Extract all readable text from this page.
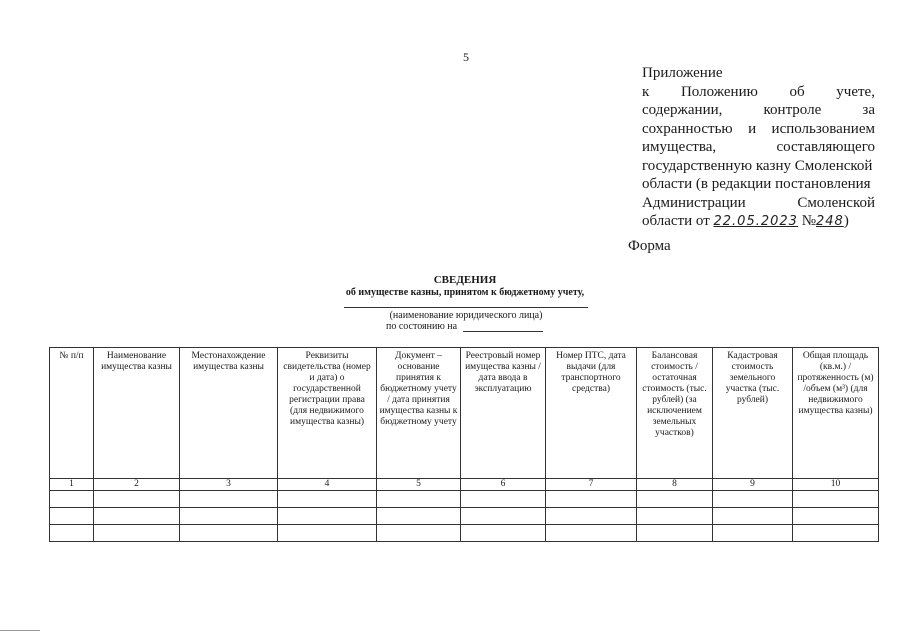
5
Приложение
к Положению об учете,
содержании,	контроле	за
сохранностью и использованием
имущества,	составляющего
государственную казну Смоленской
области (в редакции постановления
Администрации	Смоленской
области от 22.05.2023 №248)
Форма
СВЕДЕНИЯ
об имуществе казны, принятом к бюджетному учету,
(наименование юридического лица)
по состоянию на
№ п/п	Наименование имущества казны	Местонахождение имущества казны	Реквизиты свидетельства (номер и дата) о государственной регистрации права (для недвижимого имущества казны)	Документ – основание принятия к бюджетному учету / дата принятия имущества казны к бюджетному учету	Реестровый номер имущества казны / дата ввода в эксплуатацию	Номер ПТС, дата выдачи (для транспортного средства)	Балансовая стоимость / остаточная стоимость (тыс. рублей) (за исключением земельных участков)	Кадастровая стоимость земельного участка (тыс. рублей)	Общая площадь (кв.м.) / протяженность (м) /объем (м³) (для недвижимого имущества казны)
1	2	3	4	5	6	7	8	9	10
